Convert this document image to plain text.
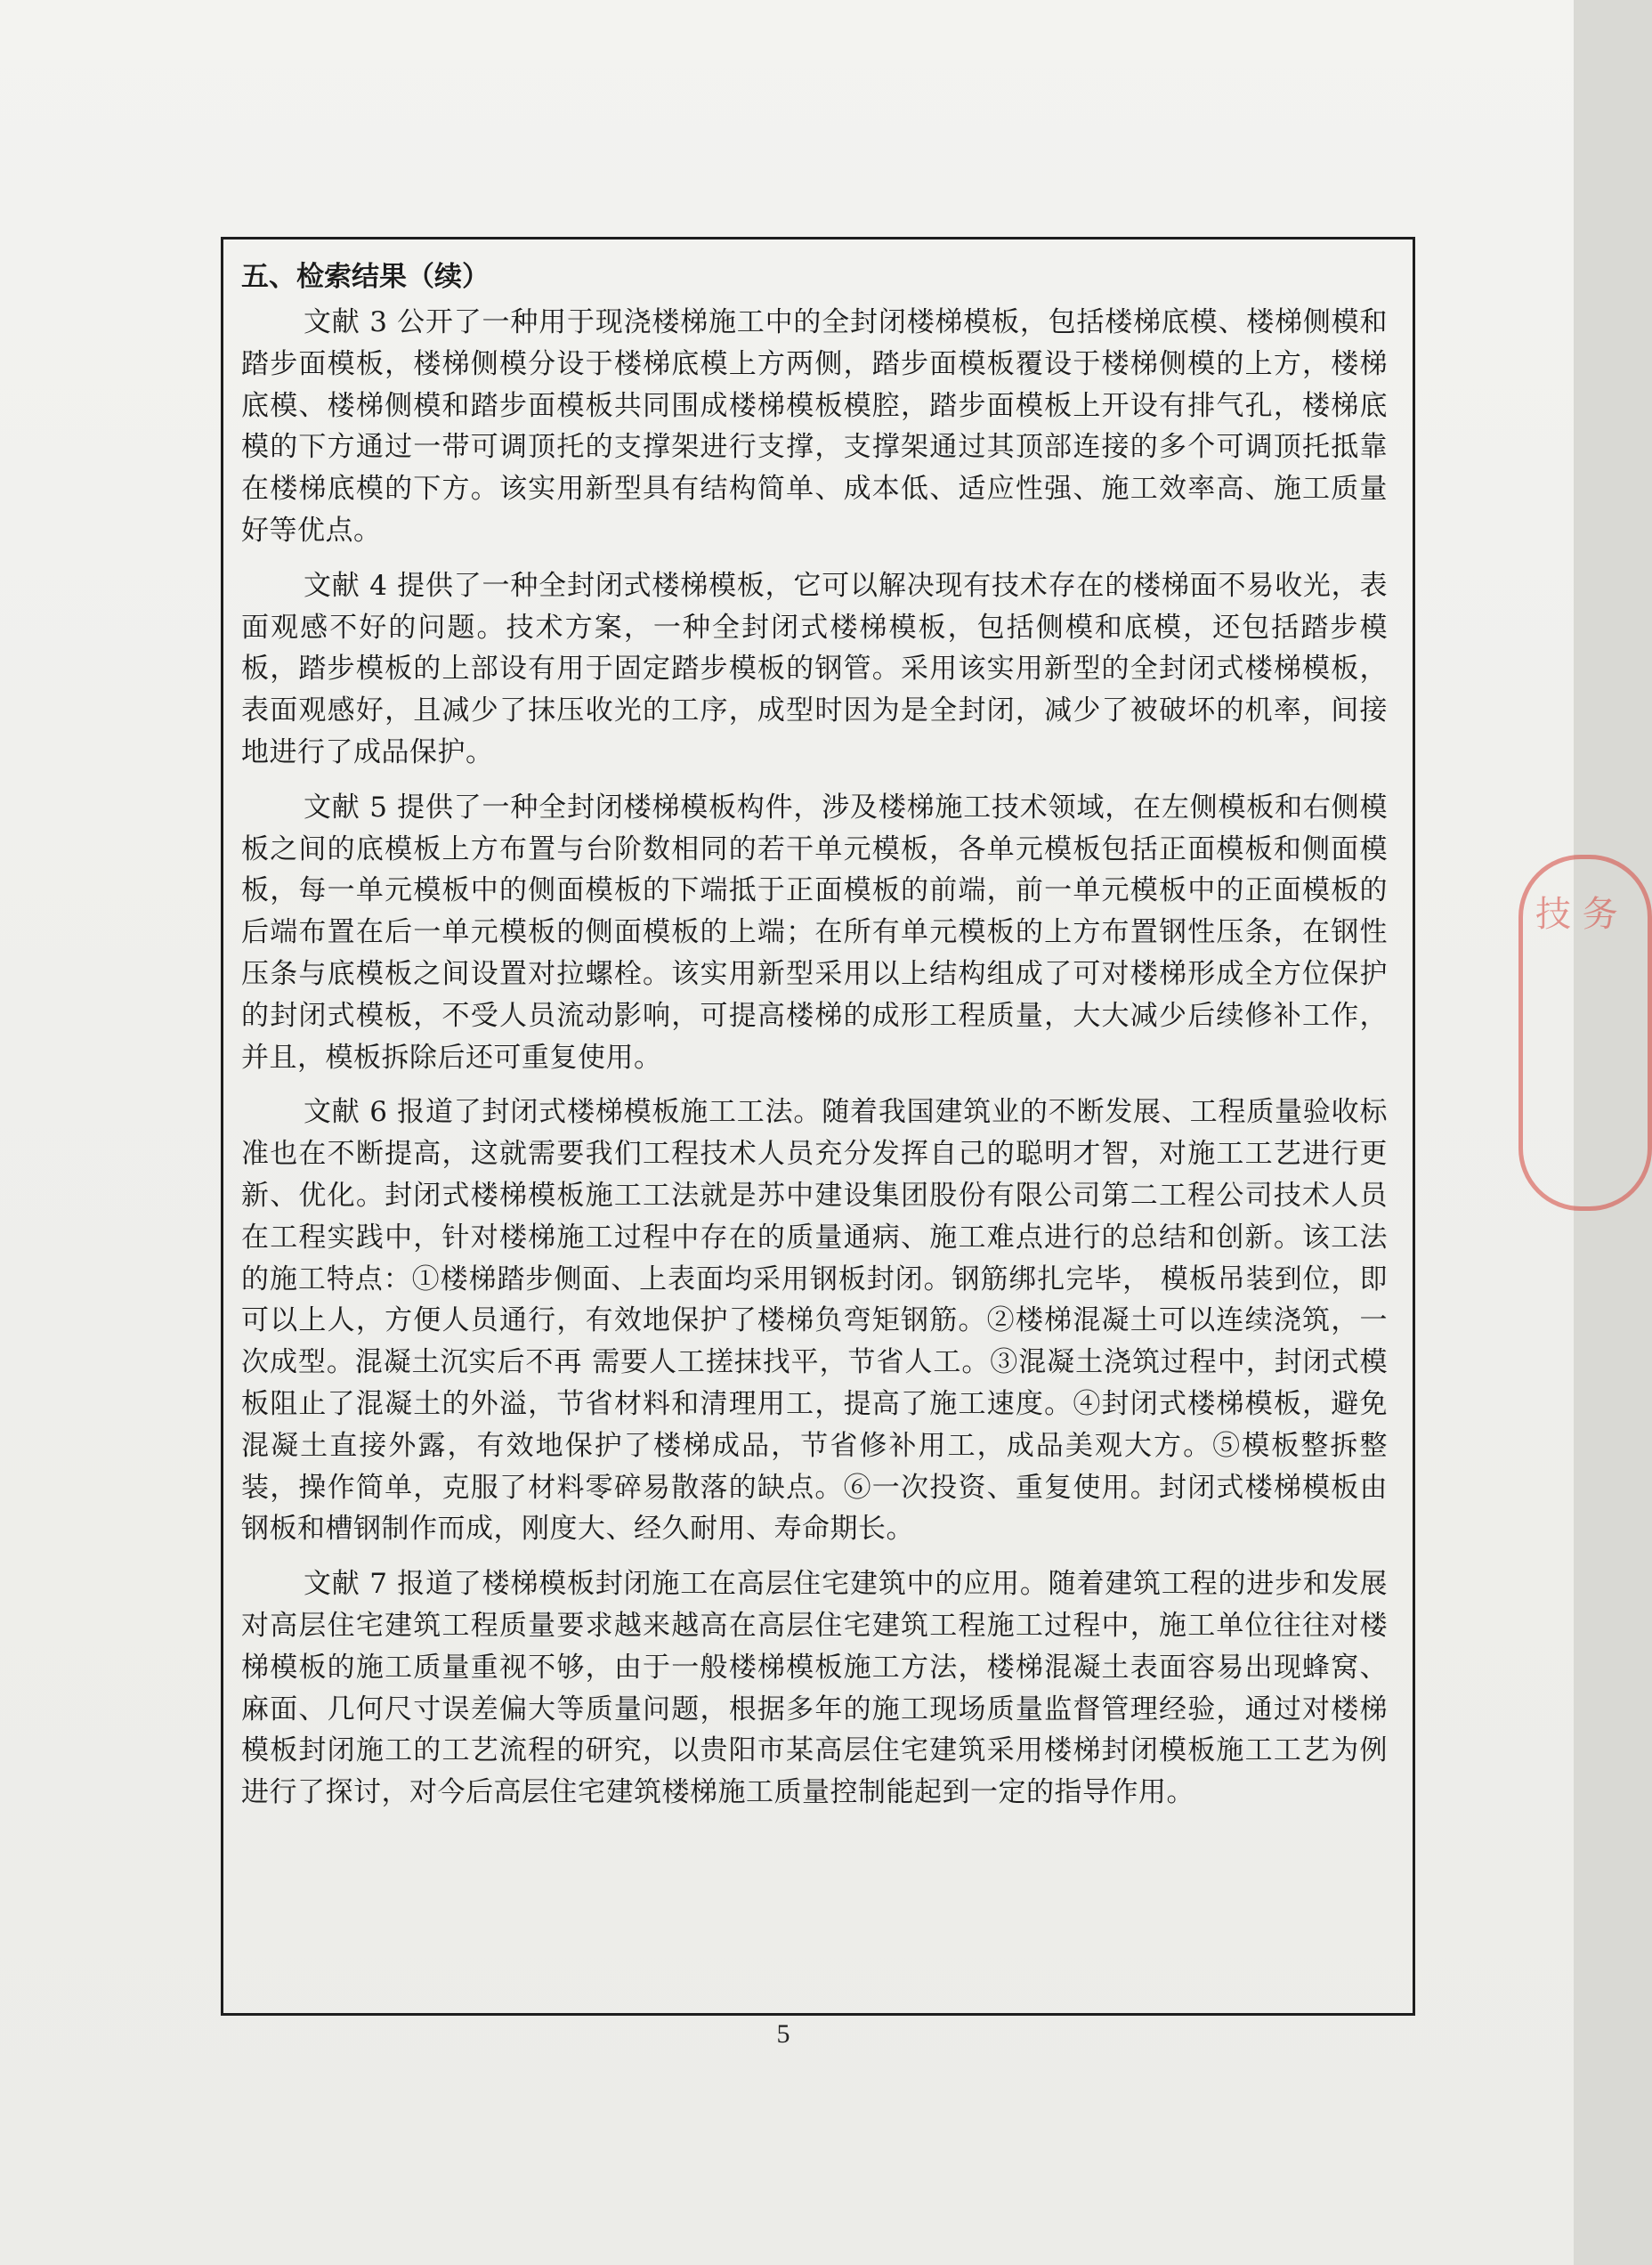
五、检索结果（续）

文献 3 公开了一种用于现浇楼梯施工中的全封闭楼梯模板，包括楼梯底模、楼梯侧模和踏步面模板，楼梯侧模分设于楼梯底模上方两侧，踏步面模板覆设于楼梯侧模的上方，楼梯底模、楼梯侧模和踏步面模板共同围成楼梯模板模腔，踏步面模板上开设有排气孔，楼梯底模的下方通过一带可调顶托的支撑架进行支撑，支撑架通过其顶部连接的多个可调顶托抵靠在楼梯底模的下方。该实用新型具有结构简单、成本低、适应性强、施工效率高、施工质量好等优点。

文献 4 提供了一种全封闭式楼梯模板，它可以解决现有技术存在的楼梯面不易收光，表面观感不好的问题。技术方案，一种全封闭式楼梯模板，包括侧模和底模，还包括踏步模板，踏步模板的上部设有用于固定踏步模板的钢管。采用该实用新型的全封闭式楼梯模板，表面观感好，且减少了抹压收光的工序，成型时因为是全封闭，减少了被破坏的机率，间接地进行了成品保护。

文献 5 提供了一种全封闭楼梯模板构件，涉及楼梯施工技术领域，在左侧模板和右侧模板之间的底模板上方布置与台阶数相同的若干单元模板，各单元模板包括正面模板和侧面模板，每一单元模板中的侧面模板的下端抵于正面模板的前端，前一单元模板中的正面模板的后端布置在后一单元模板的侧面模板的上端；在所有单元模板的上方布置钢性压条，在钢性压条与底模板之间设置对拉螺栓。该实用新型采用以上结构组成了可对楼梯形成全方位保护的封闭式模板，不受人员流动影响，可提高楼梯的成形工程质量，大大减少后续修补工作，并且，模板拆除后还可重复使用。

文献 6 报道了封闭式楼梯模板施工工法。随着我国建筑业的不断发展、工程质量验收标准也在不断提高，这就需要我们工程技术人员充分发挥自己的聪明才智，对施工工艺进行更新、优化。封闭式楼梯模板施工工法就是苏中建设集团股份有限公司第二工程公司技术人员在工程实践中，针对楼梯施工过程中存在的质量通病、施工难点进行的总结和创新。该工法的施工特点：①楼梯踏步侧面、上表面均采用钢板封闭。钢筋绑扎完毕， 模板吊装到位，即可以上人，方便人员通行，有效地保护了楼梯负弯矩钢筋。②楼梯混凝土可以连续浇筑，一次成型。混凝土沉实后不再 需要人工搓抹找平，节省人工。③混凝土浇筑过程中，封闭式模板阻止了混凝土的外溢，节省材料和清理用工，提高了施工速度。④封闭式楼梯模板，避免混凝土直接外露，有效地保护了楼梯成品，节省修补用工，成品美观大方。⑤模板整拆整装，操作简单，克服了材料零碎易散落的缺点。⑥一次投资、重复使用。封闭式楼梯模板由钢板和槽钢制作而成，刚度大、经久耐用、寿命期长。

文献 7 报道了楼梯模板封闭施工在高层住宅建筑中的应用。随着建筑工程的进步和发展对高层住宅建筑工程质量要求越来越高在高层住宅建筑工程施工过程中，施工单位往往对楼梯模板的施工质量重视不够，由于一般楼梯模板施工方法，楼梯混凝土表面容易出现蜂窝、麻面、几何尺寸误差偏大等质量问题，根据多年的施工现场质量监督管理经验，通过对楼梯模板封闭施工的工艺流程的研究，以贵阳市某高层住宅建筑采用楼梯封闭模板施工工艺为例进行了探讨，对今后高层住宅建筑楼梯施工质量控制能起到一定的指导作用。

5
技 务
